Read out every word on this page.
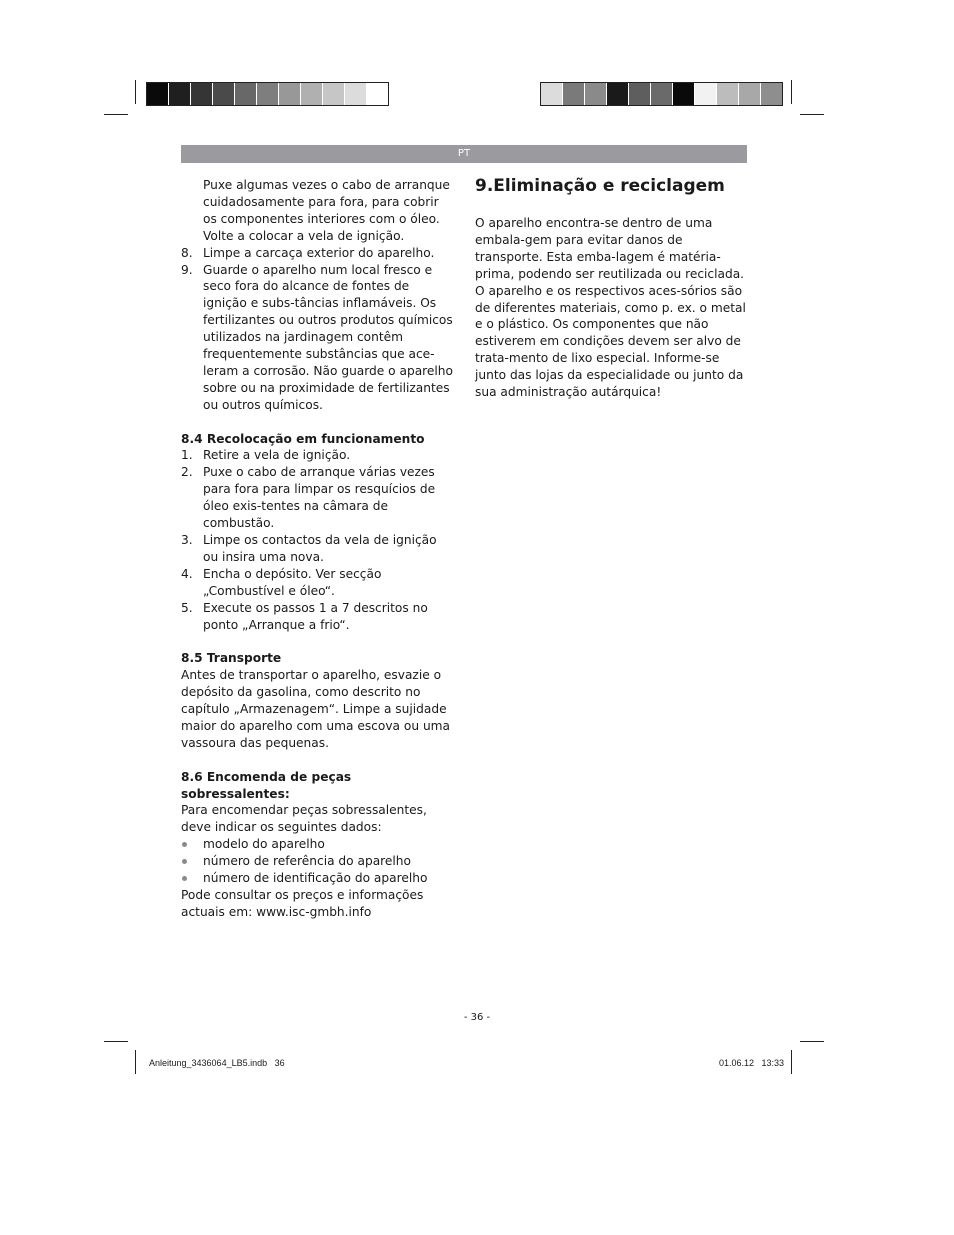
PT

Puxe algumas vezes o cabo de arranque cuidadosamente para fora, para cobrir os componentes interiores com o óleo. Volte a colocar a vela de ignição.

8. Limpe a carcaça exterior do aparelho.
9. Guarde o aparelho num local fresco e seco fora do alcance de fontes de ignição e subs-tâncias inflamáveis. Os fertilizantes ou outros produtos químicos utilizados na jardinagem contêm frequentemente substâncias que ace-leram a corrosão. Não guarde o aparelho sobre ou na proximidade de fertilizantes ou outros químicos.

8.4 Recolocação em funcionamento

1. Retire a vela de ignição.
2. Puxe o cabo de arranque várias vezes para fora para limpar os resquícios de óleo exis-tentes na câmara de combustão.
3. Limpe os contactos da vela de ignição ou insira uma nova.
4. Encha o depósito. Ver secção „Combustível e óleo“.
5. Execute os passos 1 a 7 descritos no ponto „Arranque a frio“.

8.5 Transporte

Antes de transportar o aparelho, esvazie o depósito da gasolina, como descrito no capítulo „Armazenagem“. Limpe a sujidade maior do aparelho com uma escova ou uma vassoura das pequenas.

8.6 Encomenda de peças sobressalentes:

Para encomendar peças sobressalentes, deve indicar os seguintes dados:

modelo do aparelho
número de referência do aparelho
número de identificação do aparelho

Pode consultar os preços e informações actuais em: www.isc-gmbh.info

9.Eliminação e reciclagem

O aparelho encontra-se dentro de uma embala-gem para evitar danos de transporte. Esta emba-lagem é matéria-prima, podendo ser reutilizada ou reciclada. O aparelho e os respectivos aces-sórios são de diferentes materiais, como p. ex. o metal e o plástico. Os componentes que não estiverem em condições devem ser alvo de trata-mento de lixo especial. Informe-se junto das lojas da especialidade ou junto da sua administração autárquica!

- 36 -
Anleitung_3436064_LB5.indb   36	01.06.12   13:33
